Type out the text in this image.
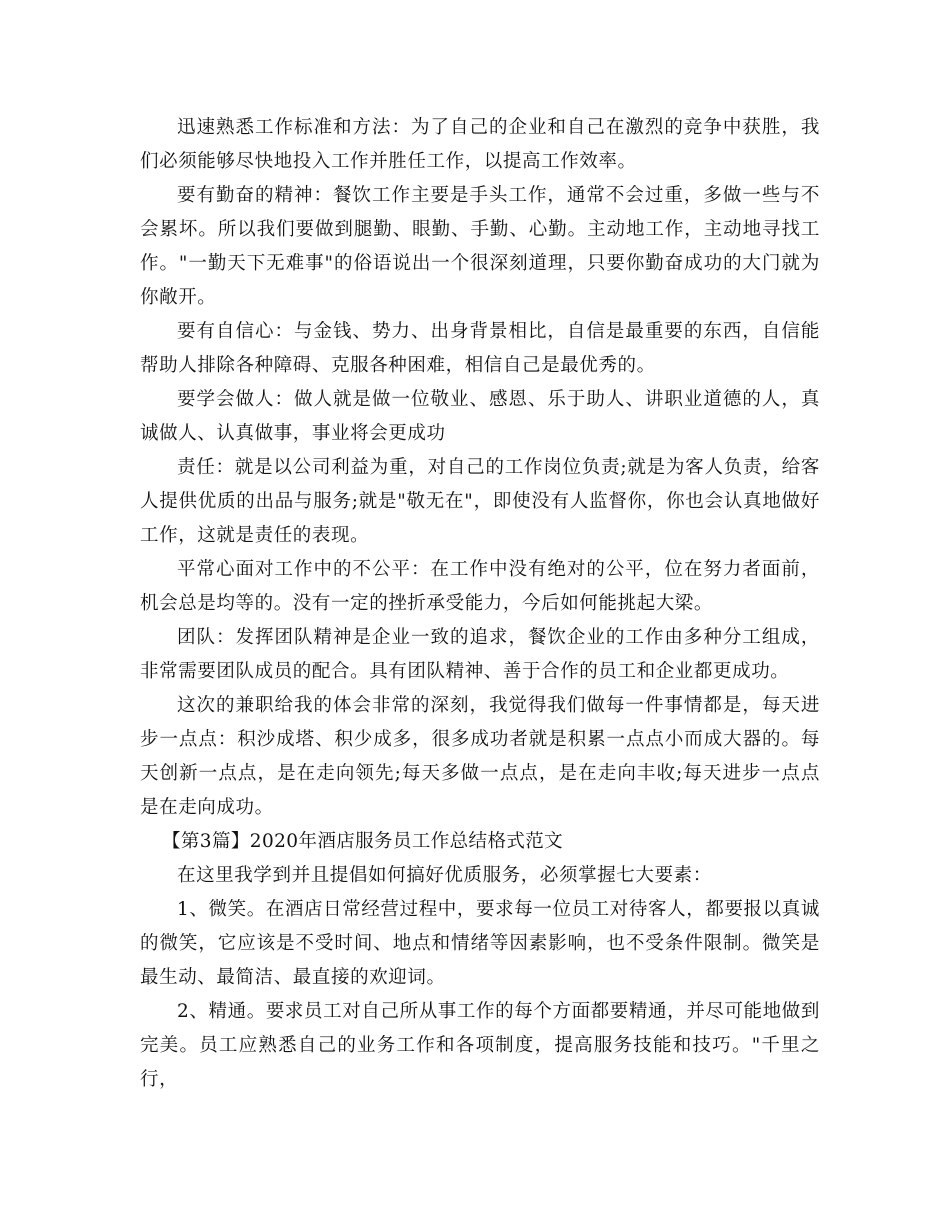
迅速熟悉工作标准和方法：为了自己的企业和自己在激烈的竞争中获胜，我们必须能够尽快地投入工作并胜任工作，以提高工作效率。

要有勤奋的精神：餐饮工作主要是手头工作，通常不会过重，多做一些与不会累坏。所以我们要做到腿勤、眼勤、手勤、心勤。主动地工作，主动地寻找工作。"一勤天下无难事"的俗语说出一个很深刻道理，只要你勤奋成功的大门就为你敞开。

要有自信心：与金钱、势力、出身背景相比，自信是最重要的东西，自信能帮助人排除各种障碍、克服各种困难，相信自己是最优秀的。

要学会做人：做人就是做一位敬业、感恩、乐于助人、讲职业道德的人，真诚做人、认真做事，事业将会更成功

责任：就是以公司利益为重，对自己的工作岗位负责;就是为客人负责，给客人提供优质的出品与服务;就是"敬无在"，即使没有人监督你，你也会认真地做好工作，这就是责任的表现。

平常心面对工作中的不公平：在工作中没有绝对的公平，位在努力者面前，机会总是均等的。没有一定的挫折承受能力，今后如何能挑起大梁。

团队：发挥团队精神是企业一致的追求，餐饮企业的工作由多种分工组成，非常需要团队成员的配合。具有团队精神、善于合作的员工和企业都更成功。

这次的兼职给我的体会非常的深刻，我觉得我们做每一件事情都是，每天进步一点点：积沙成塔、积少成多，很多成功者就是积累一点点小而成大器的。每天创新一点点，是在走向领先;每天多做一点点，是在走向丰收;每天进步一点点是在走向成功。

【第3篇】2020年酒店服务员工作总结格式范文

在这里我学到并且提倡如何搞好优质服务，必须掌握七大要素：

1、微笑。在酒店日常经营过程中，要求每一位员工对待客人，都要报以真诚的微笑，它应该是不受时间、地点和情绪等因素影响，也不受条件限制。微笑是最生动、最简洁、最直接的欢迎词。

2、精通。要求员工对自己所从事工作的每个方面都要精通，并尽可能地做到完美。员工应熟悉自己的业务工作和各项制度，提高服务技能和技巧。"千里之行，
